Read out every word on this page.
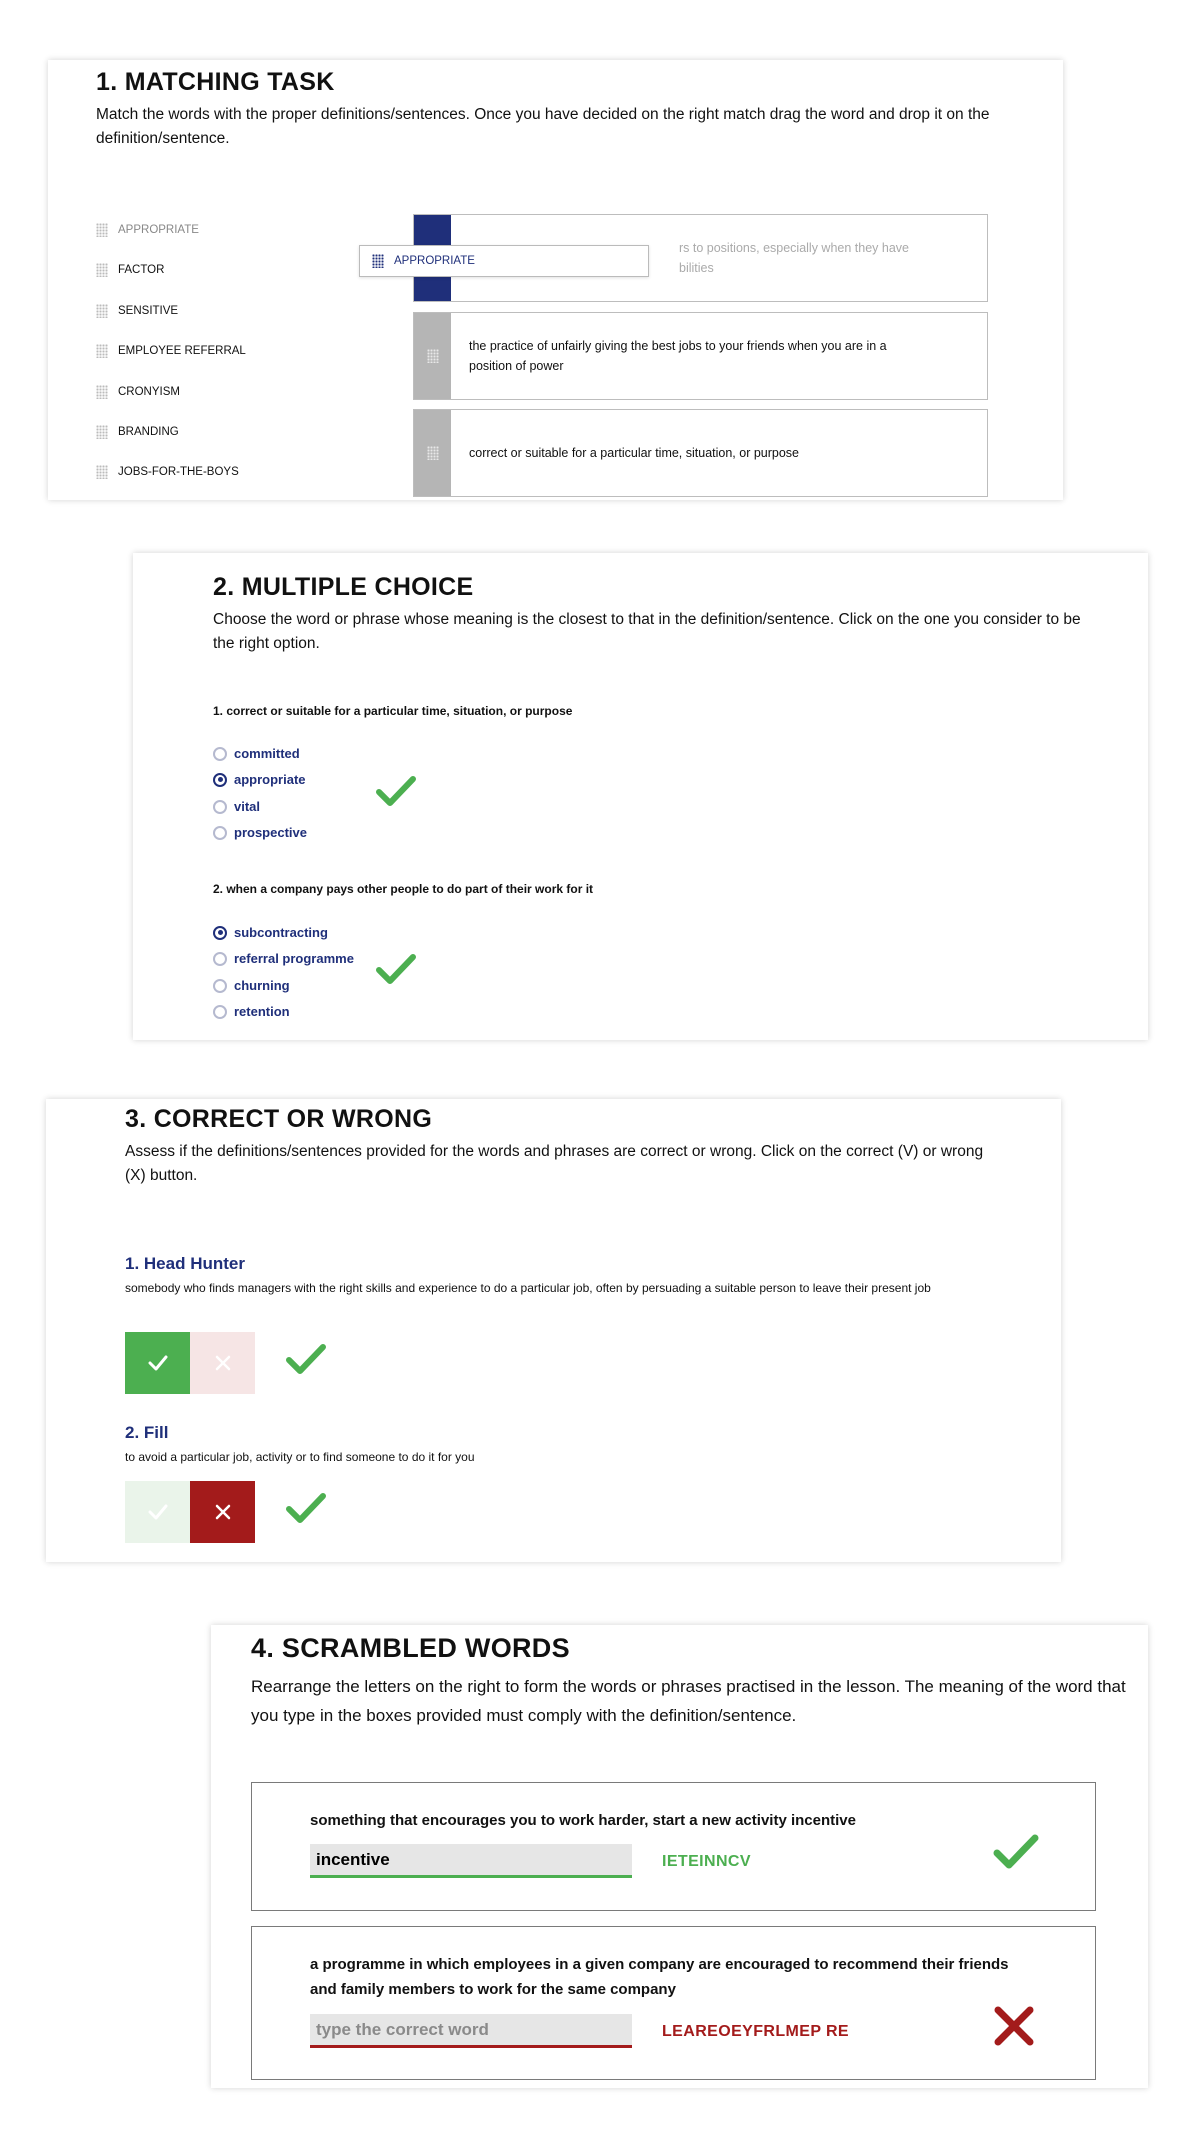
1. MATCHING TASK
Match the words with the proper definitions/sentences. Once you have decided on the right match drag the word and drop it on the definition/sentence.
APPROPRIATE
FACTOR
SENSITIVE
EMPLOYEE REFERRAL
CRONYISM
BRANDING
JOBS-FOR-THE-BOYS
rs to positions, especially when they have
bilities
the practice of unfairly giving the best jobs to your friends when you are in a
position of power
correct or suitable for a particular time, situation, or purpose
APPROPRIATE
2. MULTIPLE CHOICE
Choose the word or phrase whose meaning is the closest to that in the definition/sentence. Click on the one you consider to be the right option.
1. correct or suitable for a particular time, situation, or purpose
committed
appropriate
vital
prospective
2. when a company pays other people to do part of their work for it
subcontracting
referral programme
churning
retention
3. CORRECT OR WRONG
Assess if the definitions/sentences provided for the words and phrases are correct or wrong. Click on the correct (V) or wrong (X) button.
1. Head Hunter
somebody who finds managers with the right skills and experience to do a particular job, often by persuading a suitable person to leave their present job
2. Fill
to avoid a particular job, activity or to find someone to do it for you
4. SCRAMBLED WORDS
Rearrange the letters on the right to form the words or phrases practised in the lesson. The meaning of the word that you type in the boxes provided must comply with the definition/sentence.
something that encourages you to work harder, start a new activity incentive
incentive
IETEINNCV
a programme in which employees in a given company are encouraged to recommend their friends and family members to work for the same company
type the correct word
LEAREOEYFRLMEP RE
